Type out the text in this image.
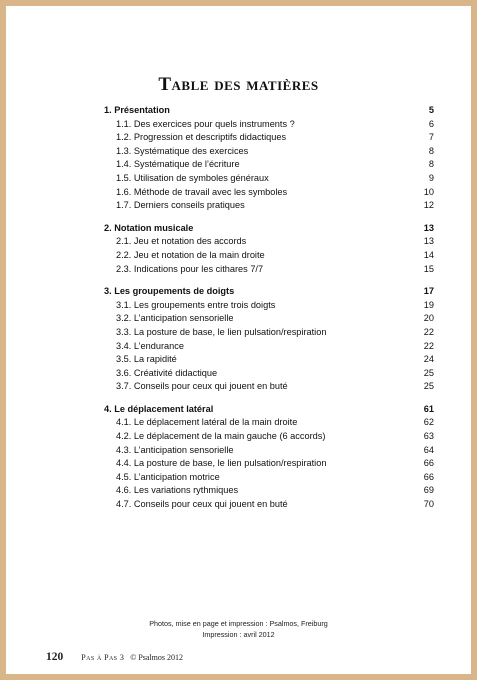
Table des matières
1. Présentation	5
1.1. Des exercices pour quels instruments ?	6
1.2. Progression et descriptifs didactiques	7
1.3. Systématique des exercices	8
1.4. Systématique de l’écriture	8
1.5. Utilisation de symboles généraux	9
1.6. Méthode de travail avec les symboles	10
1.7. Derniers conseils pratiques	12
2. Notation musicale	13
2.1. Jeu et notation des accords	13
2.2. Jeu et notation de la main droite	14
2.3. Indications pour les cithares 7/7	15
3. Les groupements de doigts	17
3.1. Les groupements entre trois doigts	19
3.2. L’anticipation sensorielle	20
3.3. La posture de base, le lien pulsation/respiration	22
3.4. L’endurance	22
3.5. La rapidité	24
3.6. Créativité didactique	25
3.7. Conseils pour ceux qui jouent en buté	25
4. Le déplacement latéral	61
4.1. Le déplacement latéral de la main droite	62
4.2. Le déplacement de la main gauche (6 accords)	63
4.3. L’anticipation sensorielle	64
4.4. La posture de base, le lien pulsation/respiration	66
4.5. L’anticipation motrice	66
4.6. Les variations rythmiques	69
4.7. Conseils pour ceux qui jouent en buté	70
Photos, mise en page et impression : Psalmos, Freiburg
Impression : avril 2012
120 Pas à Pas 3 © Psalmos 2012
